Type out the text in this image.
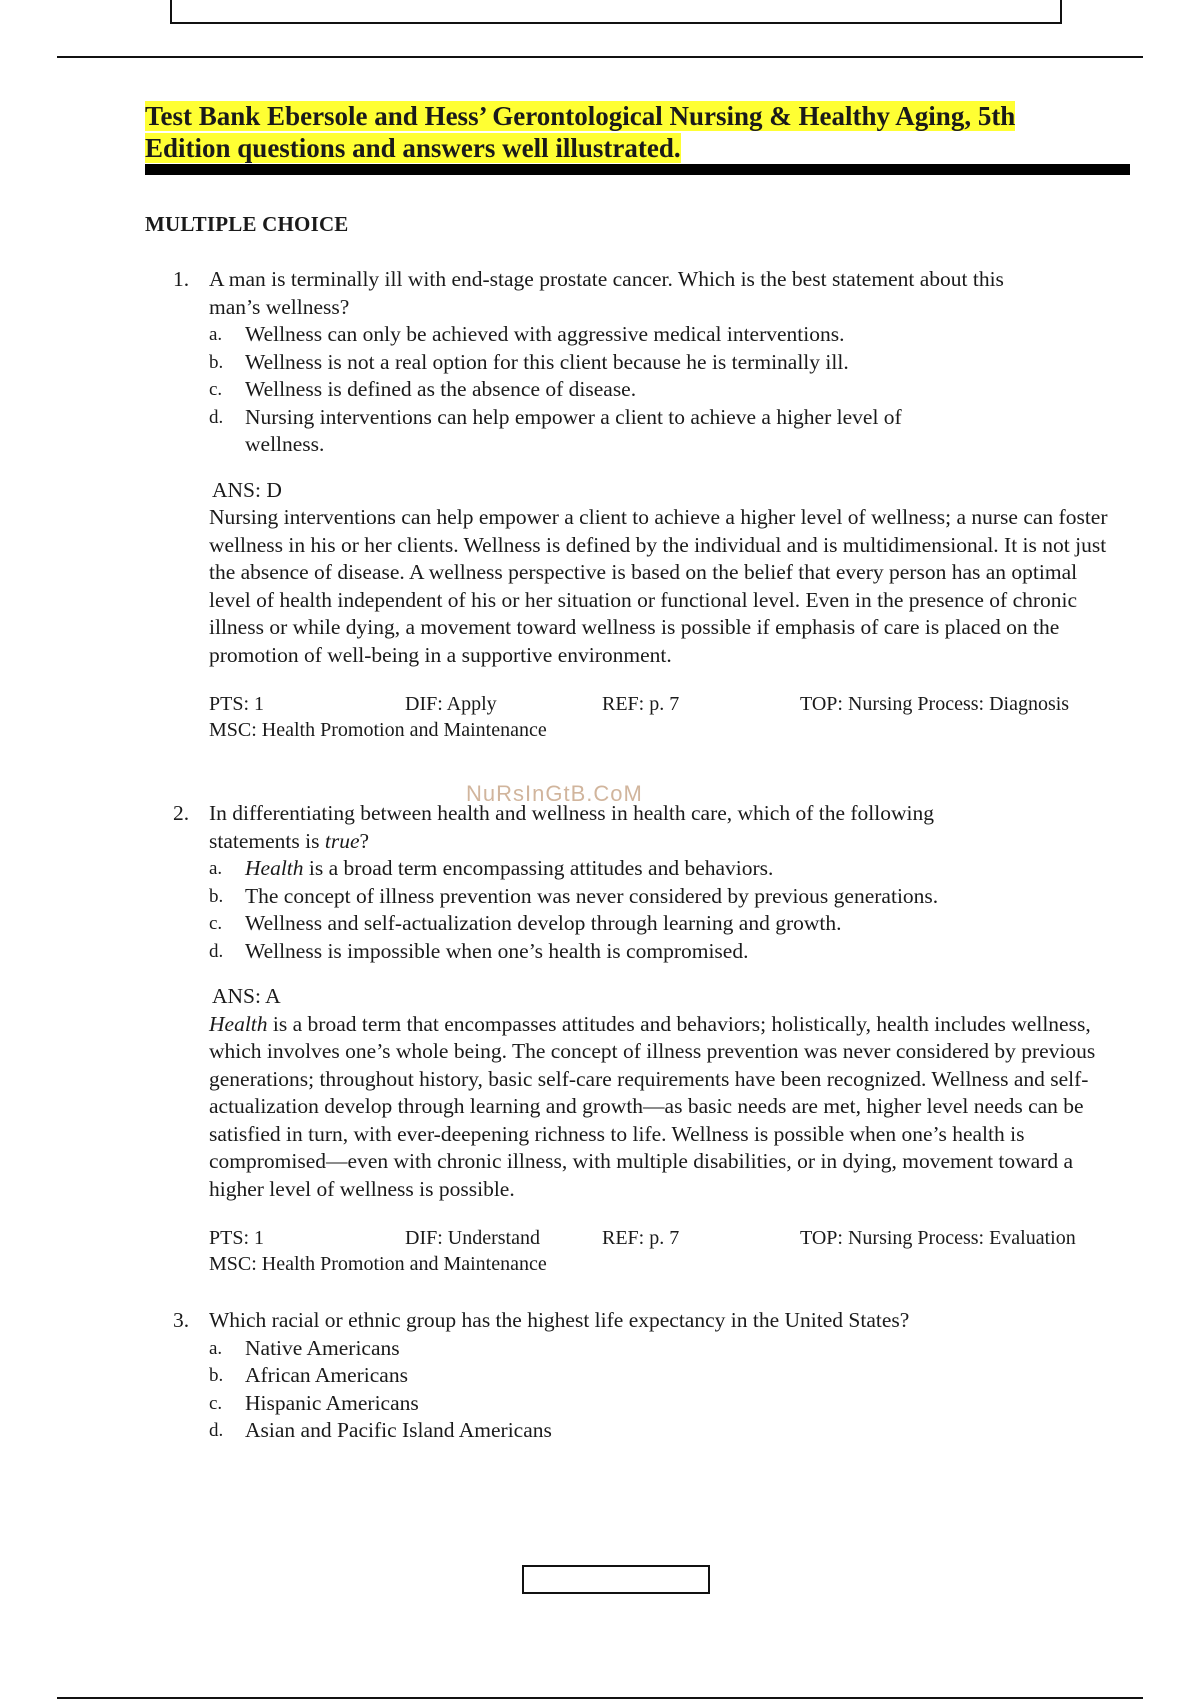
Test Bank Ebersole and Hess’ Gerontological Nursing & Healthy Aging, 5th
Edition questions and answers well illustrated.
MULTIPLE CHOICE
1. A man is terminally ill with end-stage prostate cancer. Which is the best statement about this
man’s wellness?
a.	Wellness can only be achieved with aggressive medical interventions.
b.	Wellness is not a real option for this client because he is terminally ill.
c.	Wellness is defined as the absence of disease.
d.	Nursing interventions can help empower a client to achieve a higher level of wellness.
ANS: D
Nursing interventions can help empower a client to achieve a higher level of wellness; a nurse can foster wellness in his or her clients. Wellness is defined by the individual and is multidimensional. It is not just the absence of disease. A wellness perspective is based on the belief that every person has an optimal level of health independent of his or her situation or functional level. Even in the presence of chronic illness or while dying, a movement toward wellness is possible if emphasis of care is placed on the promotion of well-being in a supportive environment.
PTS: 1	DIF: Apply	REF: p. 7	TOP: Nursing Process: Diagnosis
MSC: Health Promotion and Maintenance
2. In differentiating between health and wellness in health care, which of the following
statements is true?
a.	Health is a broad term encompassing attitudes and behaviors.
b.	The concept of illness prevention was never considered by previous generations.
c.	Wellness and self-actualization develop through learning and growth.
d.	Wellness is impossible when one’s health is compromised.
ANS: A
Health is a broad term that encompasses attitudes and behaviors; holistically, health includes wellness, which involves one’s whole being. The concept of illness prevention was never considered by previous generations; throughout history, basic self-care requirements have been recognized. Wellness and self-actualization develop through learning and growth—as basic needs are met, higher level needs can be satisfied in turn, with ever-deepening richness to life. Wellness is possible when one’s health is compromised—even with chronic illness, with multiple disabilities, or in dying, movement toward a higher level of wellness is possible.
PTS: 1	DIF: Understand	REF: p. 7	TOP: Nursing Process: Evaluation
MSC: Health Promotion and Maintenance
3. Which racial or ethnic group has the highest life expectancy in the United States?
a.	Native Americans
b.	African Americans
c.	Hispanic Americans
d.	Asian and Pacific Island Americans
NuRsInGtB.CoM
